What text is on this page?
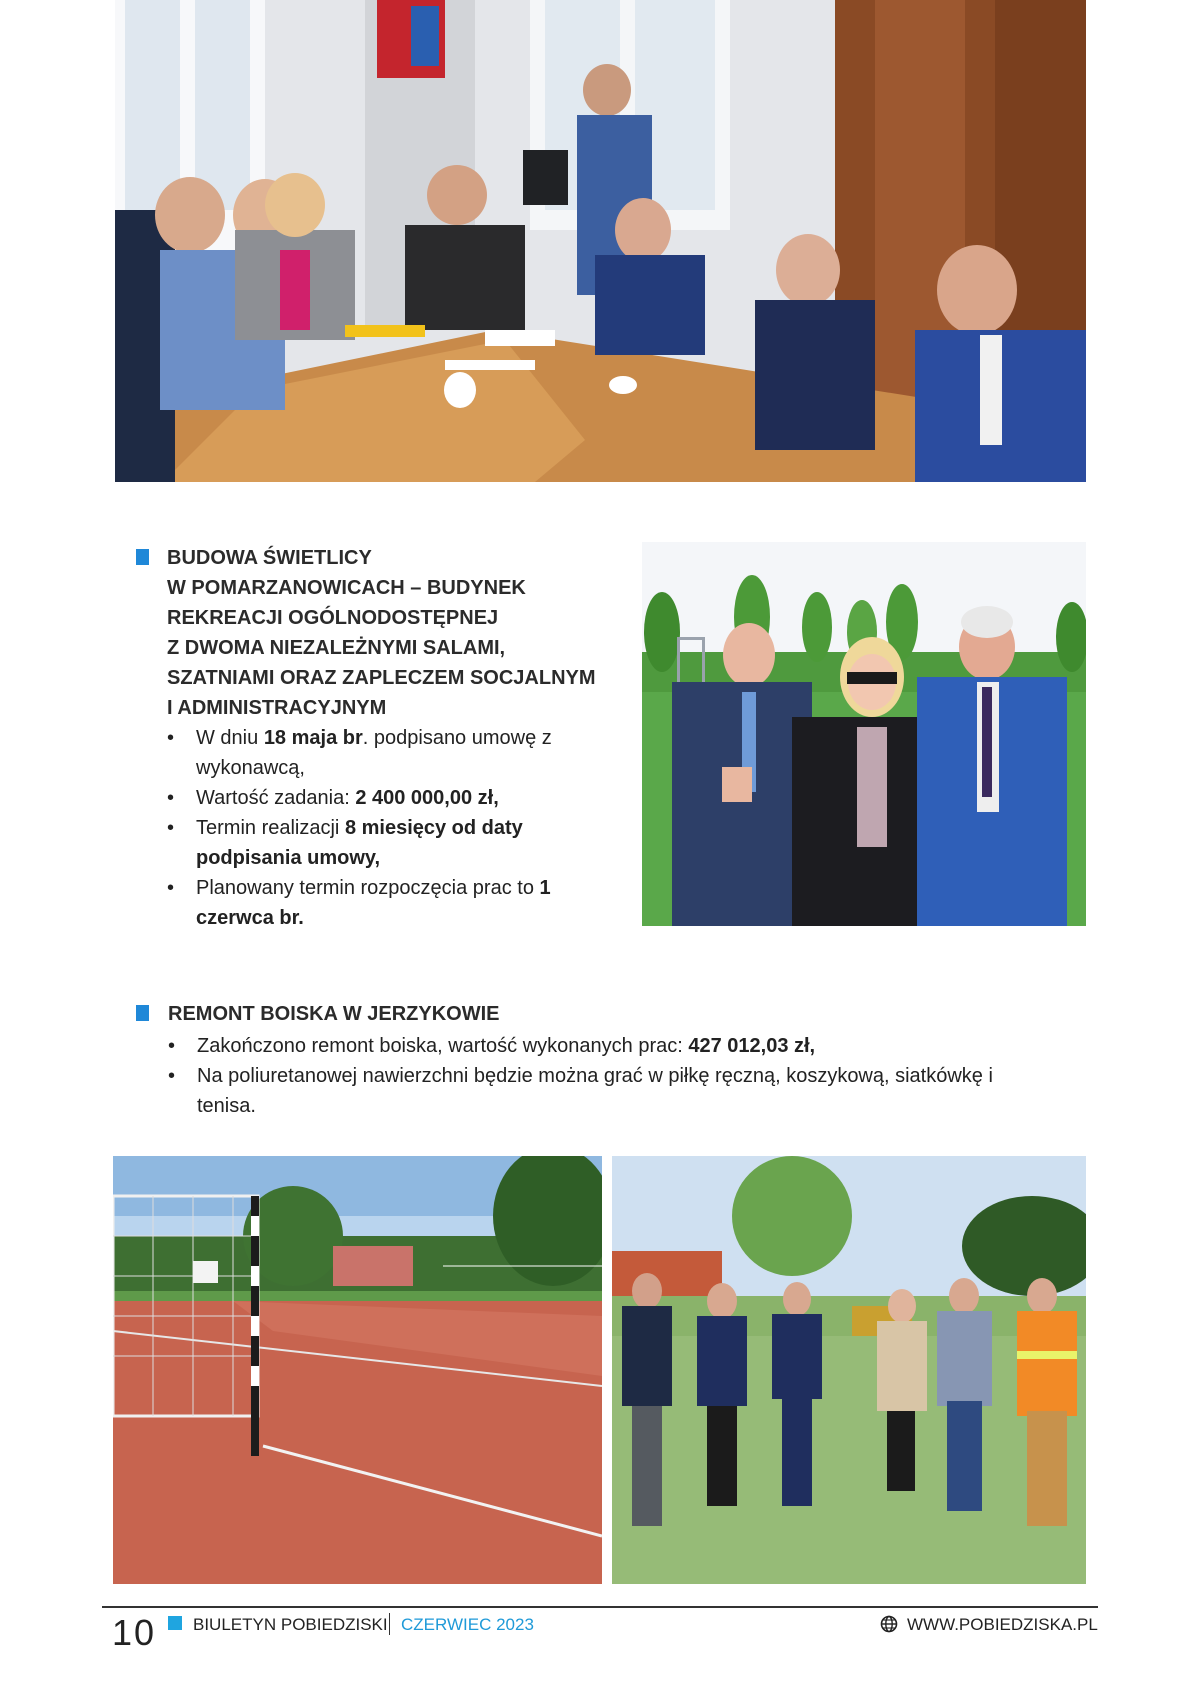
BUDOWA ŚWIETLICY
W POMARZANOWICACH – BUDYNEK
REKREACJI OGÓLNODOSTĘPNEJ
Z DWOMA NIEZALEŻNYMI SALAMI,
SZATNIAMI ORAZ ZAPLECZEM SOCJALNYM
I ADMINISTRACYJNYM
• W dniu 18 maja br. podpisano umowę z wykonawcą,
• Wartość zadania: 2 400 000,00 zł,
• Termin realizacji 8 miesięcy od daty podpisania umowy,
• Planowany termin rozpoczęcia prac to 1 czerwca br.
REMONT BOISKA W JERZYKOWIE
• Zakończono remont boiska, wartość wykonanych prac: 427 012,03 zł,
• Na poliuretanowej nawierzchni będzie można grać w piłkę ręczną, koszykową, siatkówkę i tenisa.
10 BIULETYN POBIEDZISKI CZERWIEC 2023	WWW.POBIEDZISKA.PL
